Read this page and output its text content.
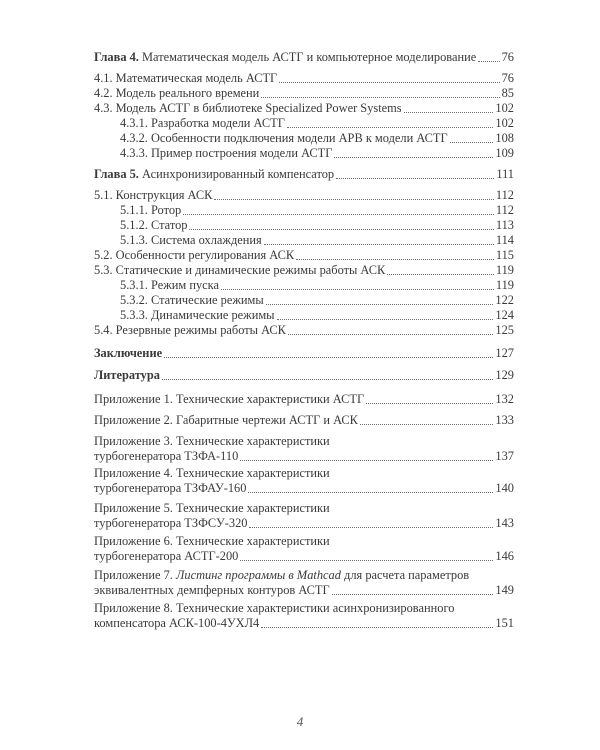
Глава 4. Математическая модель АСТГ и компьютерное моделирование 76
4.1. Математическая модель АСТГ	76
4.2. Модель реального времени	85
4.3. Модель АСТГ в библиотеке Specialized Power Systems	102
4.3.1. Разработка модели АСТГ	102
4.3.2. Особенности подключения модели АРВ к модели АСТГ	108
4.3.3. Пример построения модели АСТГ	109
Глава 5. Асинхронизированный компенсатор	111
5.1. Конструкция АСК	112
5.1.1. Ротор	112
5.1.2. Статор	113
5.1.3. Система охлаждения	114
5.2. Особенности регулирования АСК	115
5.3. Статические и динамические режимы работы АСК	119
5.3.1. Режим пуска	119
5.3.2. Статические режимы	122
5.3.3. Динамические режимы	124
5.4. Резервные режимы работы АСК	125
Заключение	127
Литература	129
Приложение 1. Технические характеристики АСТГ	132
Приложение 2. Габаритные чертежи АСТГ и АСК	133
Приложение 3. Технические характеристики
турбогенератора ТЗФА-110	137
Приложение 4. Технические характеристики
турбогенератора ТЗФАУ-160	140
Приложение 5. Технические характеристики
турбогенератора ТЗФСУ-320	143
Приложение 6. Технические характеристики
турбогенератора АСТГ-200	146
Приложение 7. Листинг программы в Mathcad для расчета параметров
эквивалентных демпферных контуров АСТГ	149
Приложение 8. Технические характеристики асинхронизированного
компенсатора АСК-100-4УХЛ4	151
4
